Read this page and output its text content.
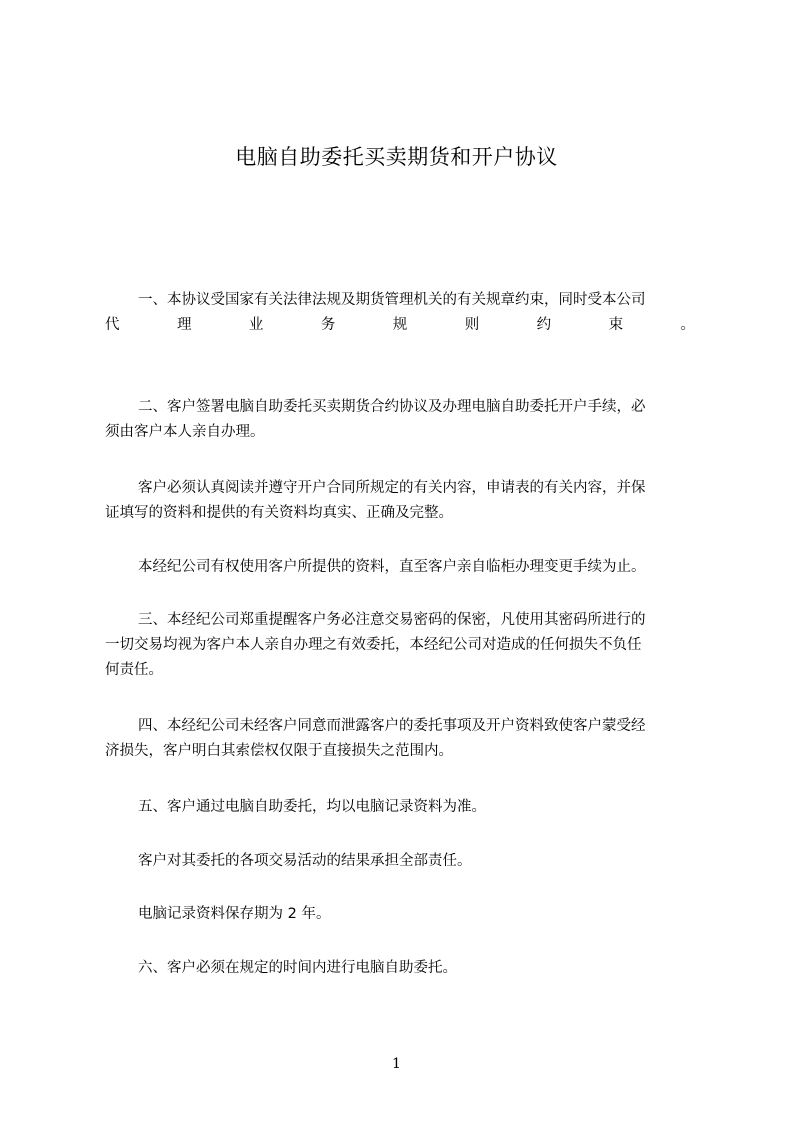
电脑自助委托买卖期货和开户协议
一、本协议受国家有关法律法规及期货管理机关的有关规章约束，同时受本公司
代	理	业	务	规	则	约	束	。
二、客户签署电脑自助委托买卖期货合约协议及办理电脑自助委托开户手续，必
须由客户本人亲自办理。
客户必须认真阅读并遵守开户合同所规定的有关内容，申请表的有关内容，并保
证填写的资料和提供的有关资料均真实、正确及完整。
本经纪公司有权使用客户所提供的资料，直至客户亲自临柜办理变更手续为止。
三、本经纪公司郑重提醒客户务必注意交易密码的保密，凡使用其密码所进行的
一切交易均视为客户本人亲自办理之有效委托，本经纪公司对造成的任何损失不负任
何责任。
四、本经纪公司未经客户同意而泄露客户的委托事项及开户资料致使客户蒙受经
济损失，客户明白其索偿权仅限于直接损失之范围内。
五、客户通过电脑自助委托，均以电脑记录资料为准。
客户对其委托的各项交易活动的结果承担全部责任。
电脑记录资料保存期为 2 年。
六、客户必须在规定的时间内进行电脑自助委托。
1
